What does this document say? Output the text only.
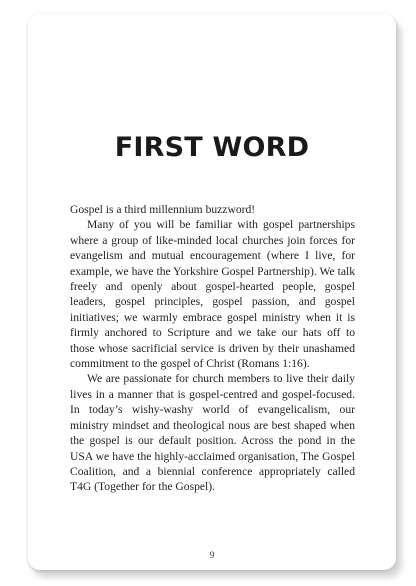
FIRST WORD

Gospel is a third millennium buzzword!

Many of you will be familiar with gospel partnerships where a group of like-minded local churches join forces for evangelism and mutual encouragement (where I live, for example, we have the Yorkshire Gospel Partnership). We talk freely and openly about gospel-hearted people, gospel leaders, gospel principles, gospel passion, and gospel initiatives; we warmly embrace gospel ministry when it is firmly anchored to Scripture and we take our hats off to those whose sacrificial service is driven by their unashamed commitment to the gospel of Christ (Romans 1:16).

We are passionate for church members to live their daily lives in a manner that is gospel-centred and gospel-focused. In today’s wishy-washy world of evangelicalism, our ministry mindset and theological nous are best shaped when the gospel is our default position. Across the pond in the USA we have the highly-acclaimed organisation, The Gospel Coalition, and a biennial conference appropriately called T4G (Together for the Gospel).

9
